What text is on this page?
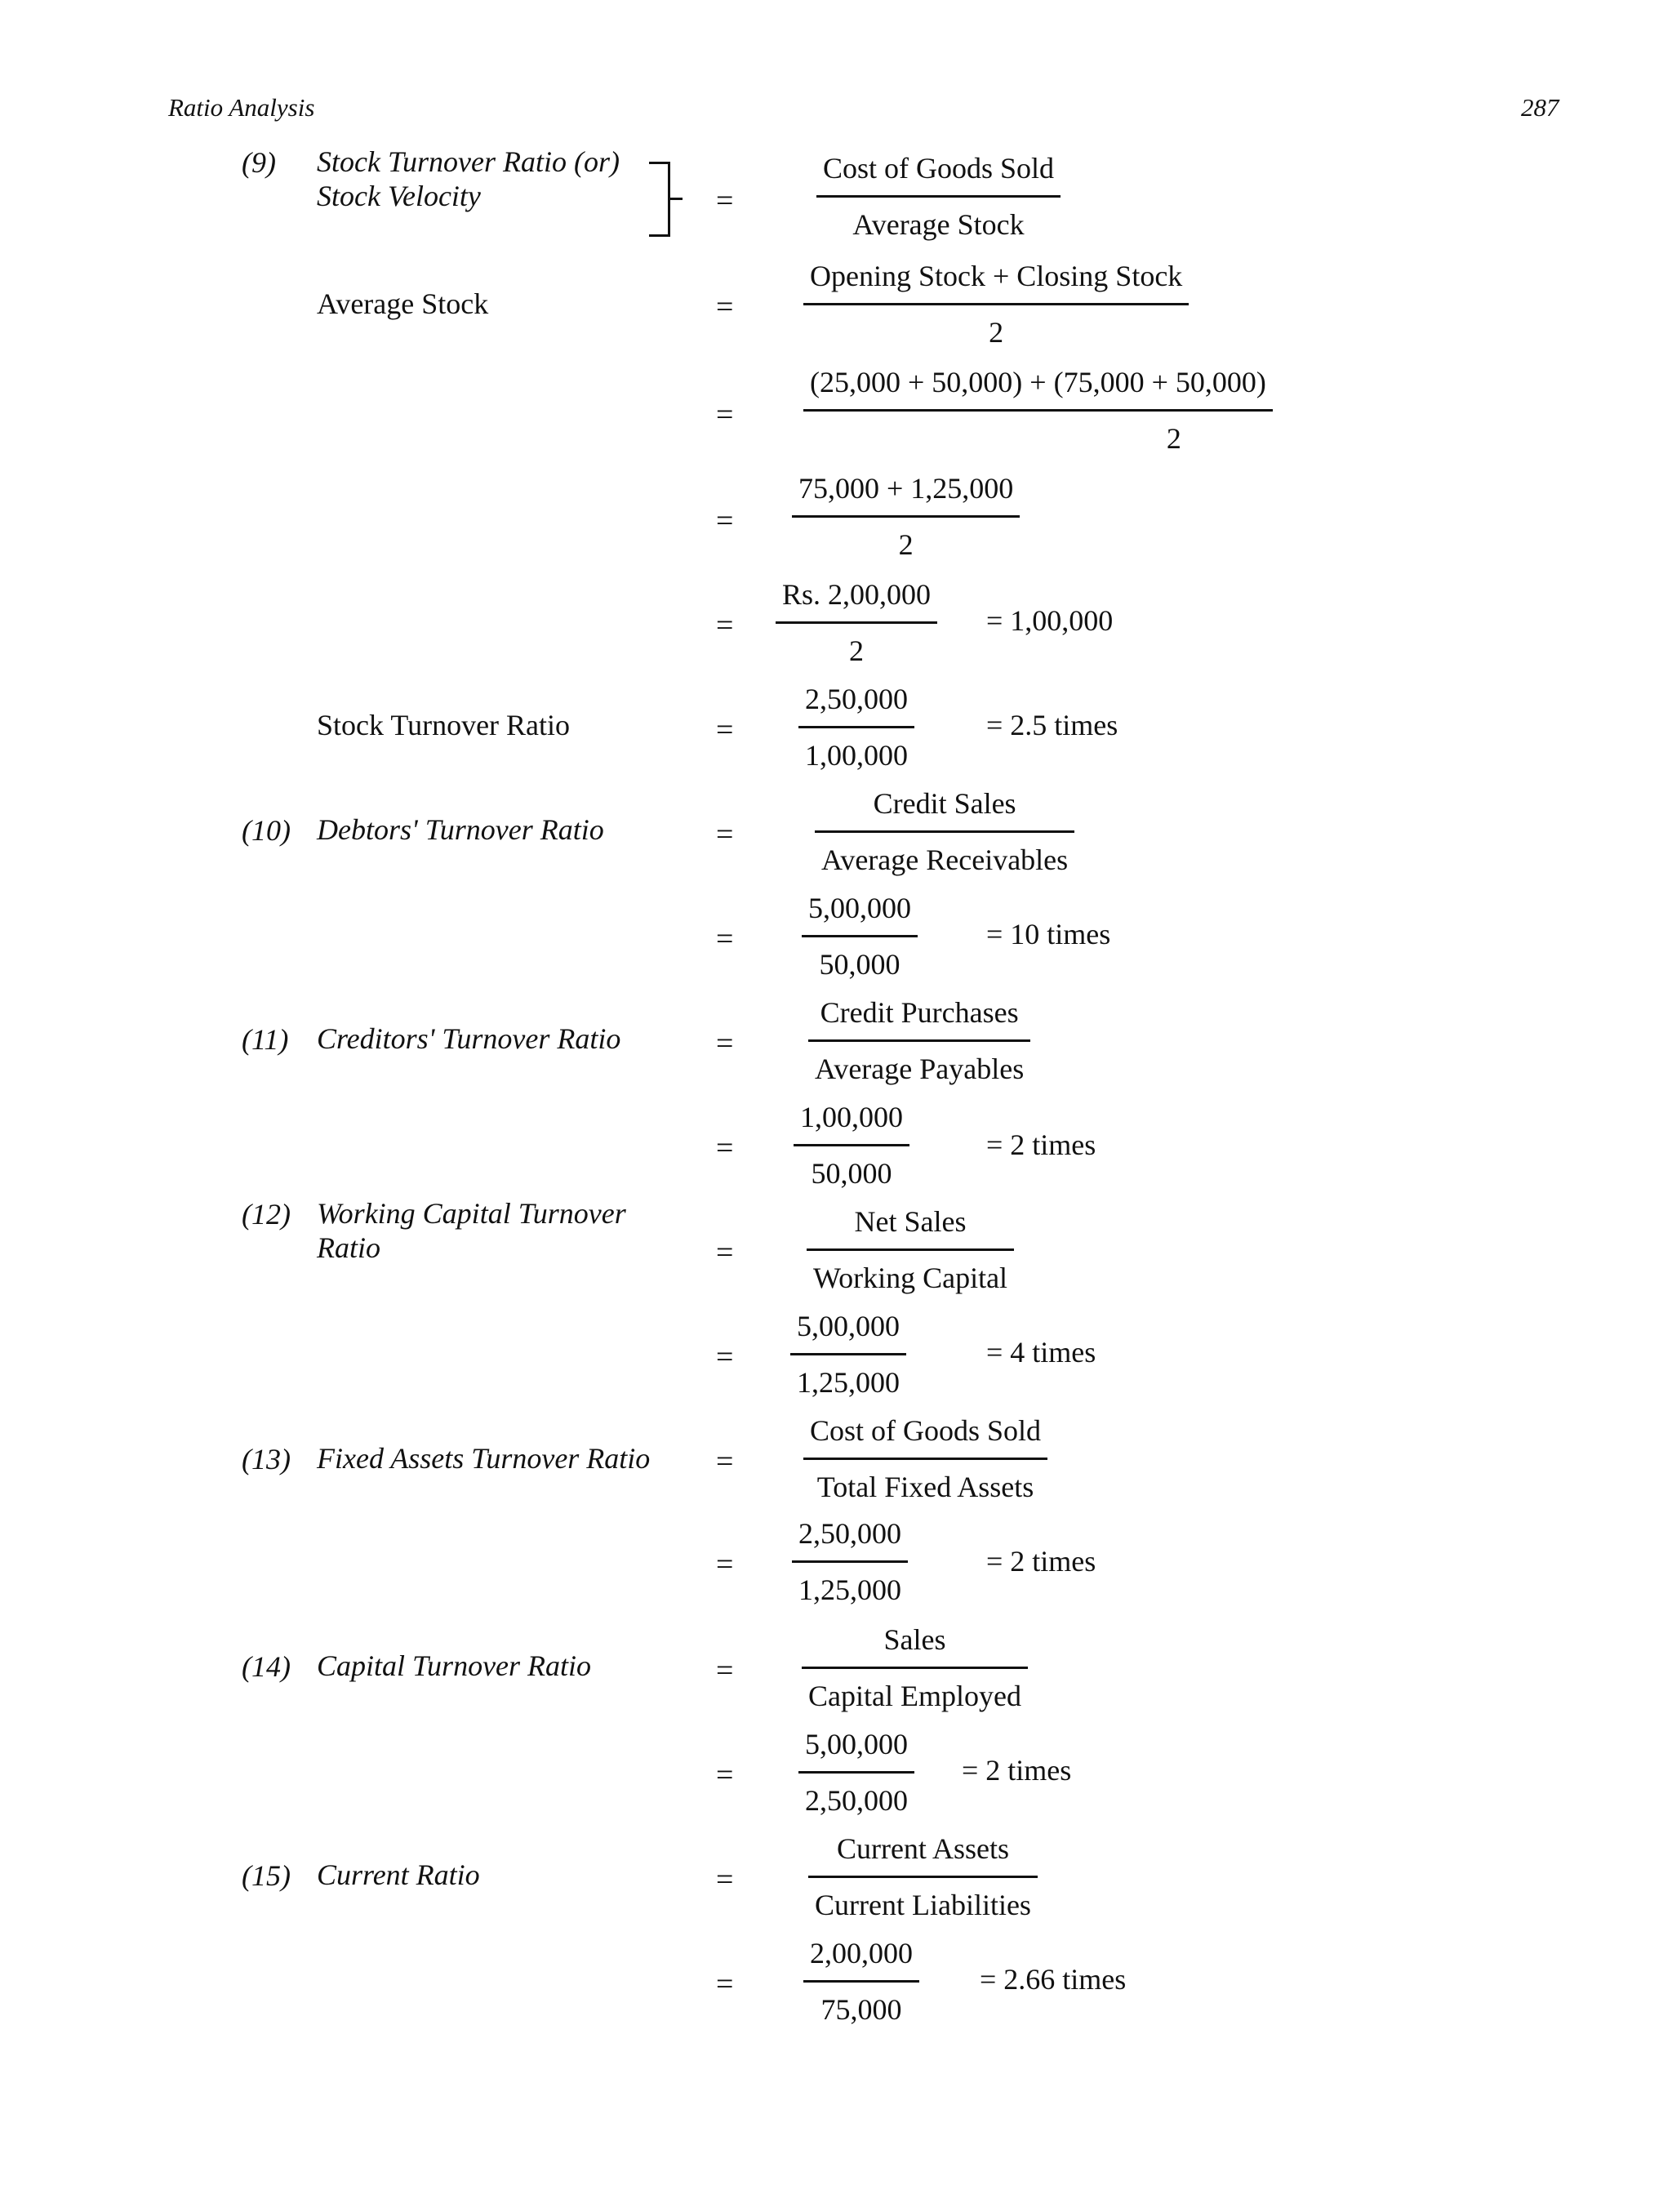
Ratio Analysis	287
(9) Stock Turnover Ratio (or)
Stock Velocity	=
Cost of Goods Sold
Average Stock
Average Stock	=
Opening Stock + Closing Stock
2
=
(25,000 + 50,000) + (75,000 + 50,000)
2
=
75,000 + 1,25,000
2
=
Rs. 2,00,000
2
= 1,00,000
Stock Turnover Ratio	=
2,50,000
1,00,000
= 2.5 times
(10) Debtors' Turnover Ratio	=
Credit Sales
Average Receivables
=
5,00,000
50,000
= 10 times
(11) Creditors' Turnover Ratio	=
Credit Purchases
Average Payables
=
1,00,000
50,000
= 2 times
(12) Working Capital Turnover
Ratio	=
Net Sales
Working Capital
=
5,00,000
1,25,000
= 4 times
(13) Fixed Assets Turnover Ratio =
Cost of Goods Sold
Total Fixed Assets
=
2,50,000
1,25,000
= 2 times
(14) Capital Turnover Ratio	=
Sales
Capital Employed
=
5,00,000
2,50,000
= 2 times
(15) Current Ratio	=
Current Assets
Current Liabilities
=
2,00,000
75,000
= 2.66 times
